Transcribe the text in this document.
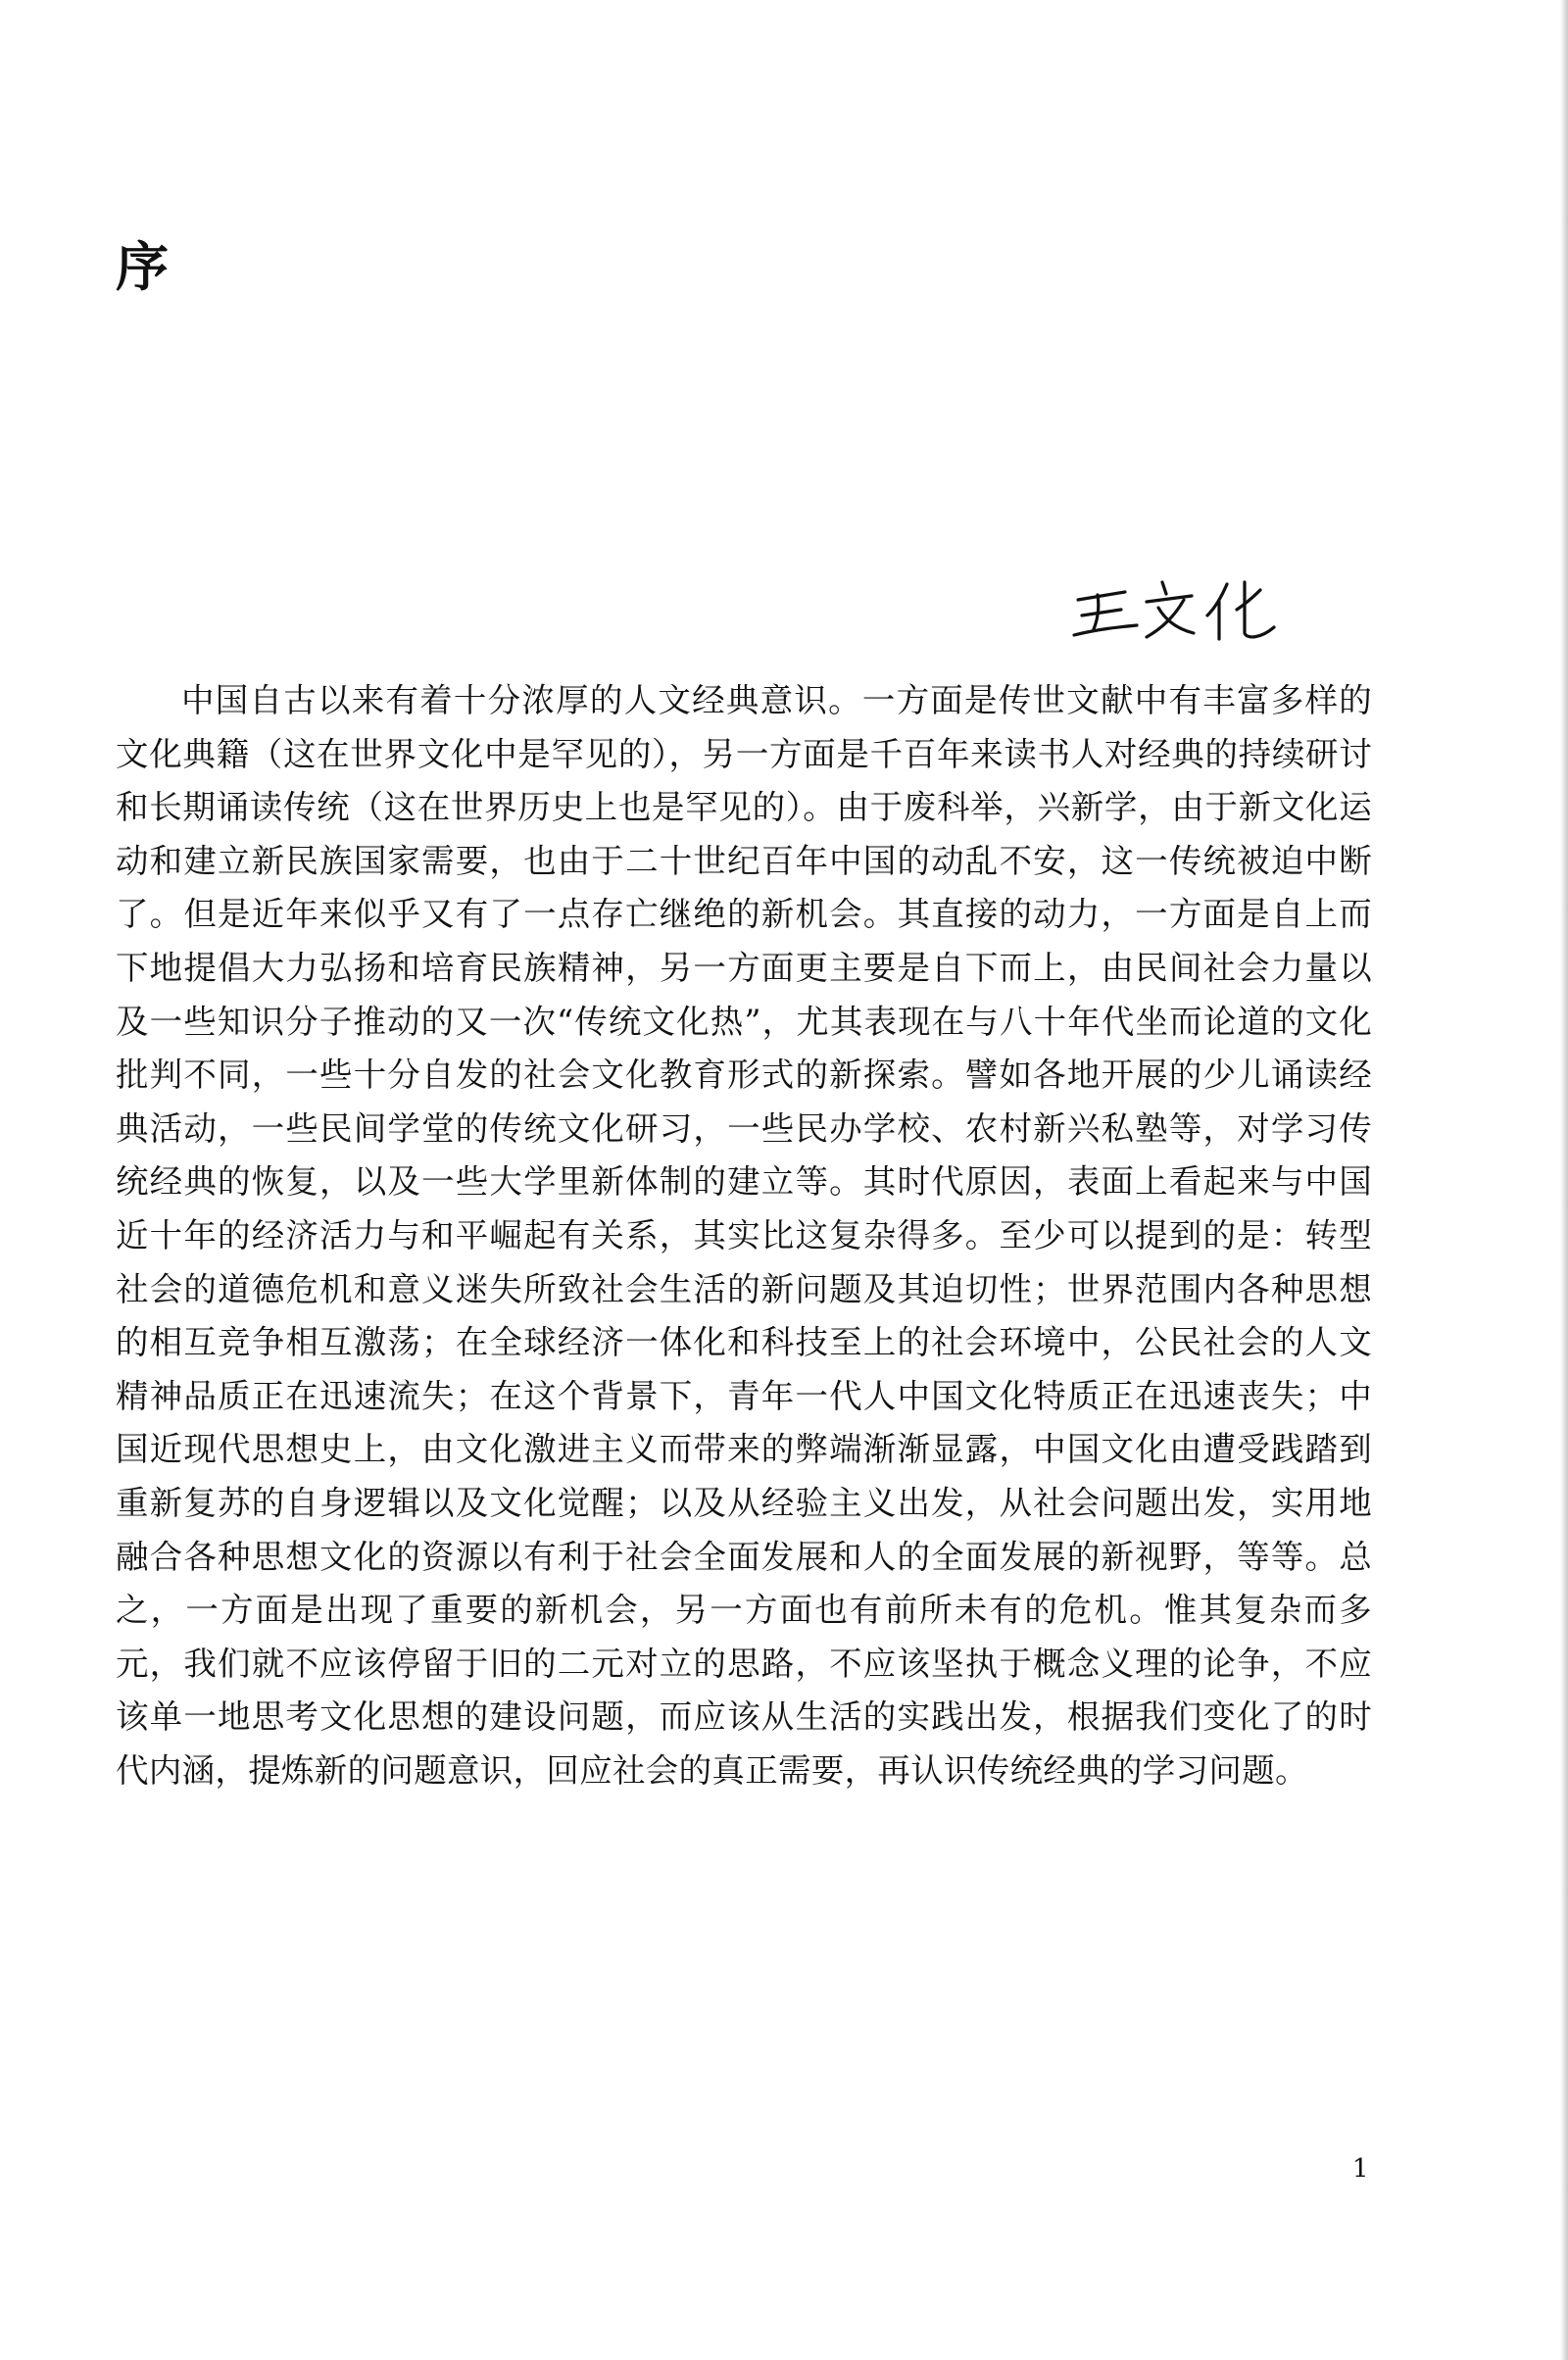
序

中国自古以来有着十分浓厚的人文经典意识。一方面是传世文献中有丰富多样的文化典籍（这在世界文化中是罕见的），另一方面是千百年来读书人对经典的持续研讨和长期诵读传统（这在世界历史上也是罕见的）。由于废科举，兴新学，由于新文化运动和建立新民族国家需要，也由于二十世纪百年中国的动乱不安，这一传统被迫中断了。但是近年来似乎又有了一点存亡继绝的新机会。其直接的动力，一方面是自上而下地提倡大力弘扬和培育民族精神，另一方面更主要是自下而上，由民间社会力量以及一些知识分子推动的又一次“传统文化热”，尤其表现在与八十年代坐而论道的文化批判不同，一些十分自发的社会文化教育形式的新探索。譬如各地开展的少儿诵读经典活动，一些民间学堂的传统文化研习，一些民办学校、农村新兴私塾等，对学习传统经典的恢复，以及一些大学里新体制的建立等。其时代原因，表面上看起来与中国近十年的经济活力与和平崛起有关系，其实比这复杂得多。至少可以提到的是：转型社会的道德危机和意义迷失所致社会生活的新问题及其迫切性；世界范围内各种思想的相互竞争相互激荡；在全球经济一体化和科技至上的社会环境中，公民社会的人文精神品质正在迅速流失；在这个背景下，青年一代人中国文化特质正在迅速丧失；中国近现代思想史上，由文化激进主义而带来的弊端渐渐显露，中国文化由遭受践踏到重新复苏的自身逻辑以及文化觉醒；以及从经验主义出发，从社会问题出发，实用地融合各种思想文化的资源以有利于社会全面发展和人的全面发展的新视野，等等。总之，一方面是出现了重要的新机会，另一方面也有前所未有的危机。惟其复杂而多元，我们就不应该停留于旧的二元对立的思路，不应该坚执于概念义理的论争，不应该单一地思考文化思想的建设问题，而应该从生活的实践出发，根据我们变化了的时代内涵，提炼新的问题意识，回应社会的真正需要，再认识传统经典的学习问题。

1
